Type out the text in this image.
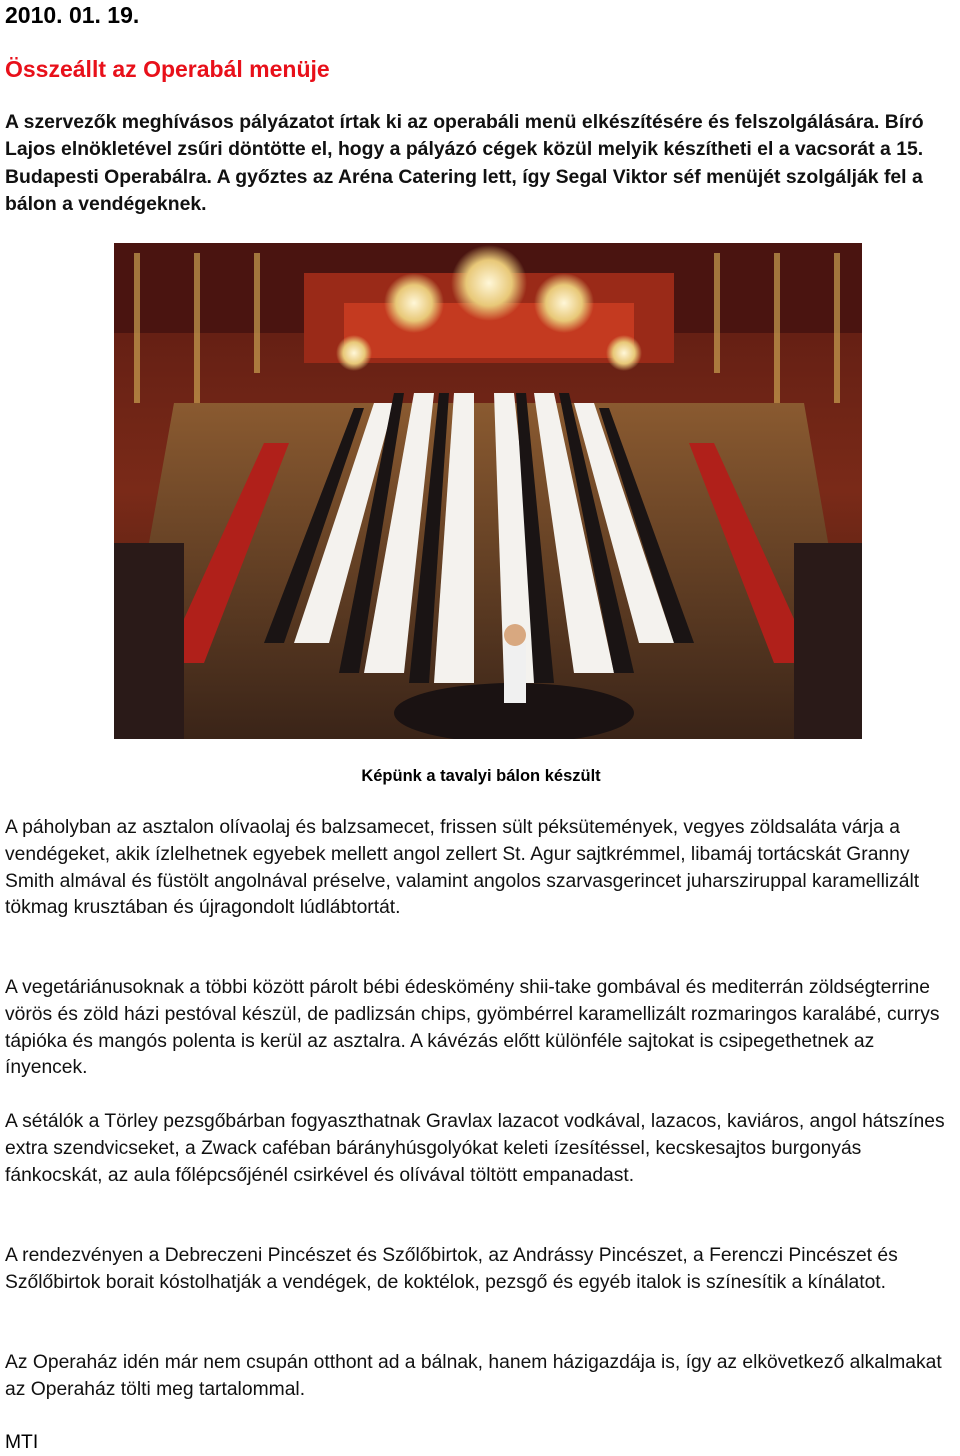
2010. 01. 19.
Összeállt az Operabál menüje
A szervezők meghívásos pályázatot írtak ki az operabáli menü elkészítésére és felszolgálására. Bíró Lajos elnökletével zsűri döntötte el, hogy a pályázó cégek közül melyik készítheti el a vacsorát a 15. Budapesti Operabálra. A győztes az Aréna Catering lett, így Segal Viktor séf menüjét szolgálják fel a bálon a vendégeknek.
Képünk a tavalyi bálon készült
A páholyban az asztalon olívaolaj és balzsamecet, frissen sült péksütemények, vegyes zöldsaláta várja a vendégeket, akik ízlelhetnek egyebek mellett angol zellert St. Agur sajtkrémmel, libamáj tortácskát Granny Smith almával és füstölt angolnával préselve, valamint angolos szarvasgerincet juharsziruppal karamellizált tökmag krusztában és újragondolt lúdlábtortát.
A vegetáriánusoknak a többi között párolt bébi édeskömény shii-take gombával és mediterrán zöldségterrine vörös és zöld házi pestóval készül, de padlizsán chips, gyömbérrel karamellizált rozmaringos karalábé, currys tápióka és mangós polenta is kerül az asztalra. A kávézás előtt különféle sajtokat is csipegethetnek az ínyencek.
A sétálók a Törley pezsgőbárban fogyaszthatnak Gravlax lazacot vodkával, lazacos, kaviáros, angol hátszínes extra szendvicseket, a Zwack caféban bárányhúsgolyókat keleti ízesítéssel, kecskesajtos burgonyás fánkocskát, az aula főlépcsőjénél csirkével és olívával töltött empanadast.
A rendezvényen a Debreczeni Pincészet és Szőlőbirtok, az Andrássy Pincészet, a Ferenczi Pincészet és Szőlőbirtok borait kóstolhatják a vendégek, de koktélok, pezsgő és egyéb italok is színesítik a kínálatot.
Az Operaház idén már nem csupán otthont ad a bálnak, hanem házigazdája is, így az elkövetkező alkalmakat az Operaház tölti meg tartalommal.
MTI
